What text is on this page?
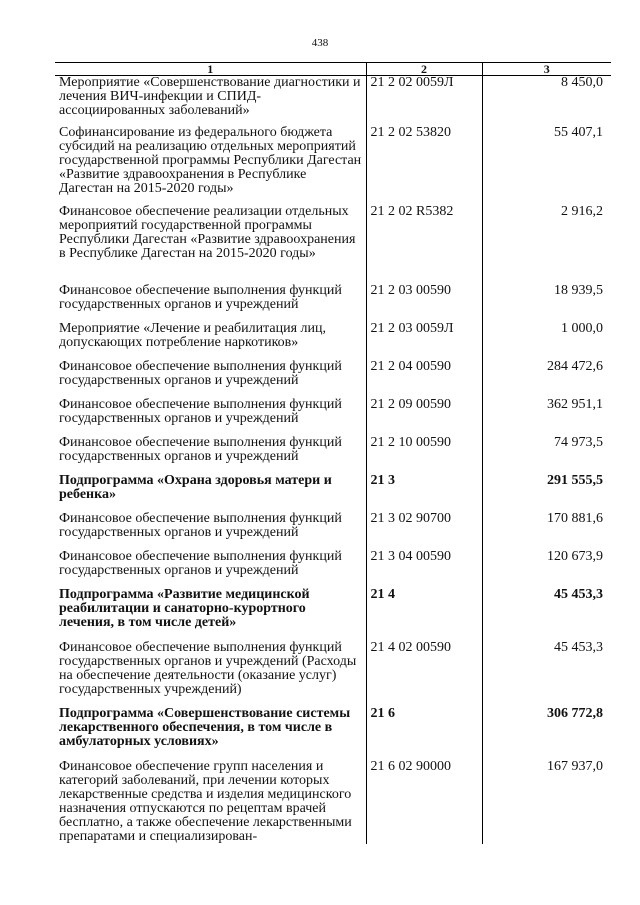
438
1	2	3
Мероприятие «Совершенствование диагностики и лечения ВИЧ-инфекции и СПИД-ассоциированных заболеваний»	21 2 02 0059Л	8 450,0
Софинансирование из федерального бюджета субсидий на реализацию отдельных мероприятий государственной программы Республики Дагестан «Развитие здравоохранения в Республике Дагестан на 2015-2020 годы»	21 2 02 53820	55 407,1
Финансовое обеспечение реализации отдельных мероприятий государственной программы Республики Дагестан «Развитие здравоохранения в Республике Дагестан на 2015-2020 годы»	21 2 02 R5382	2 916,2
Финансовое обеспечение выполнения функций государственных органов и учреждений	21 2 03 00590	18 939,5
Мероприятие «Лечение и реабилитация лиц, допускающих потребление наркотиков»	21 2 03 0059Л	1 000,0
Финансовое обеспечение выполнения функций государственных органов и учреждений	21 2 04 00590	284 472,6
Финансовое обеспечение выполнения функций государственных органов и учреждений	21 2 09 00590	362 951,1
Финансовое обеспечение выполнения функций государственных органов и учреждений	21 2 10 00590	74 973,5
Подпрограмма «Охрана здоровья матери и ребенка»	21 3	291 555,5
Финансовое обеспечение выполнения функций государственных органов и учреждений	21 3 02 90700	170 881,6
Финансовое обеспечение выполнения функций государственных органов и учреждений	21 3 04 00590	120 673,9
Подпрограмма «Развитие медицинской реабилитации и санаторно-курортного лечения, в том числе детей»	21 4	45 453,3
Финансовое обеспечение выполнения функций государственных органов и учреждений (Расходы на обеспечение деятельности (оказание услуг) государственных учреждений)	21 4 02 00590	45 453,3
Подпрограмма «Совершенствование системы лекарственного обеспечения, в том числе в амбулаторных условиях»	21 6	306 772,8
Финансовое обеспечение групп населения и категорий заболеваний, при лечении которых лекарственные средства и изделия медицинского назначения отпускаются по рецептам врачей бесплатно, а также обеспечение лекарственными препаратами и специализирован-	21 6 02 90000	167 937,0
